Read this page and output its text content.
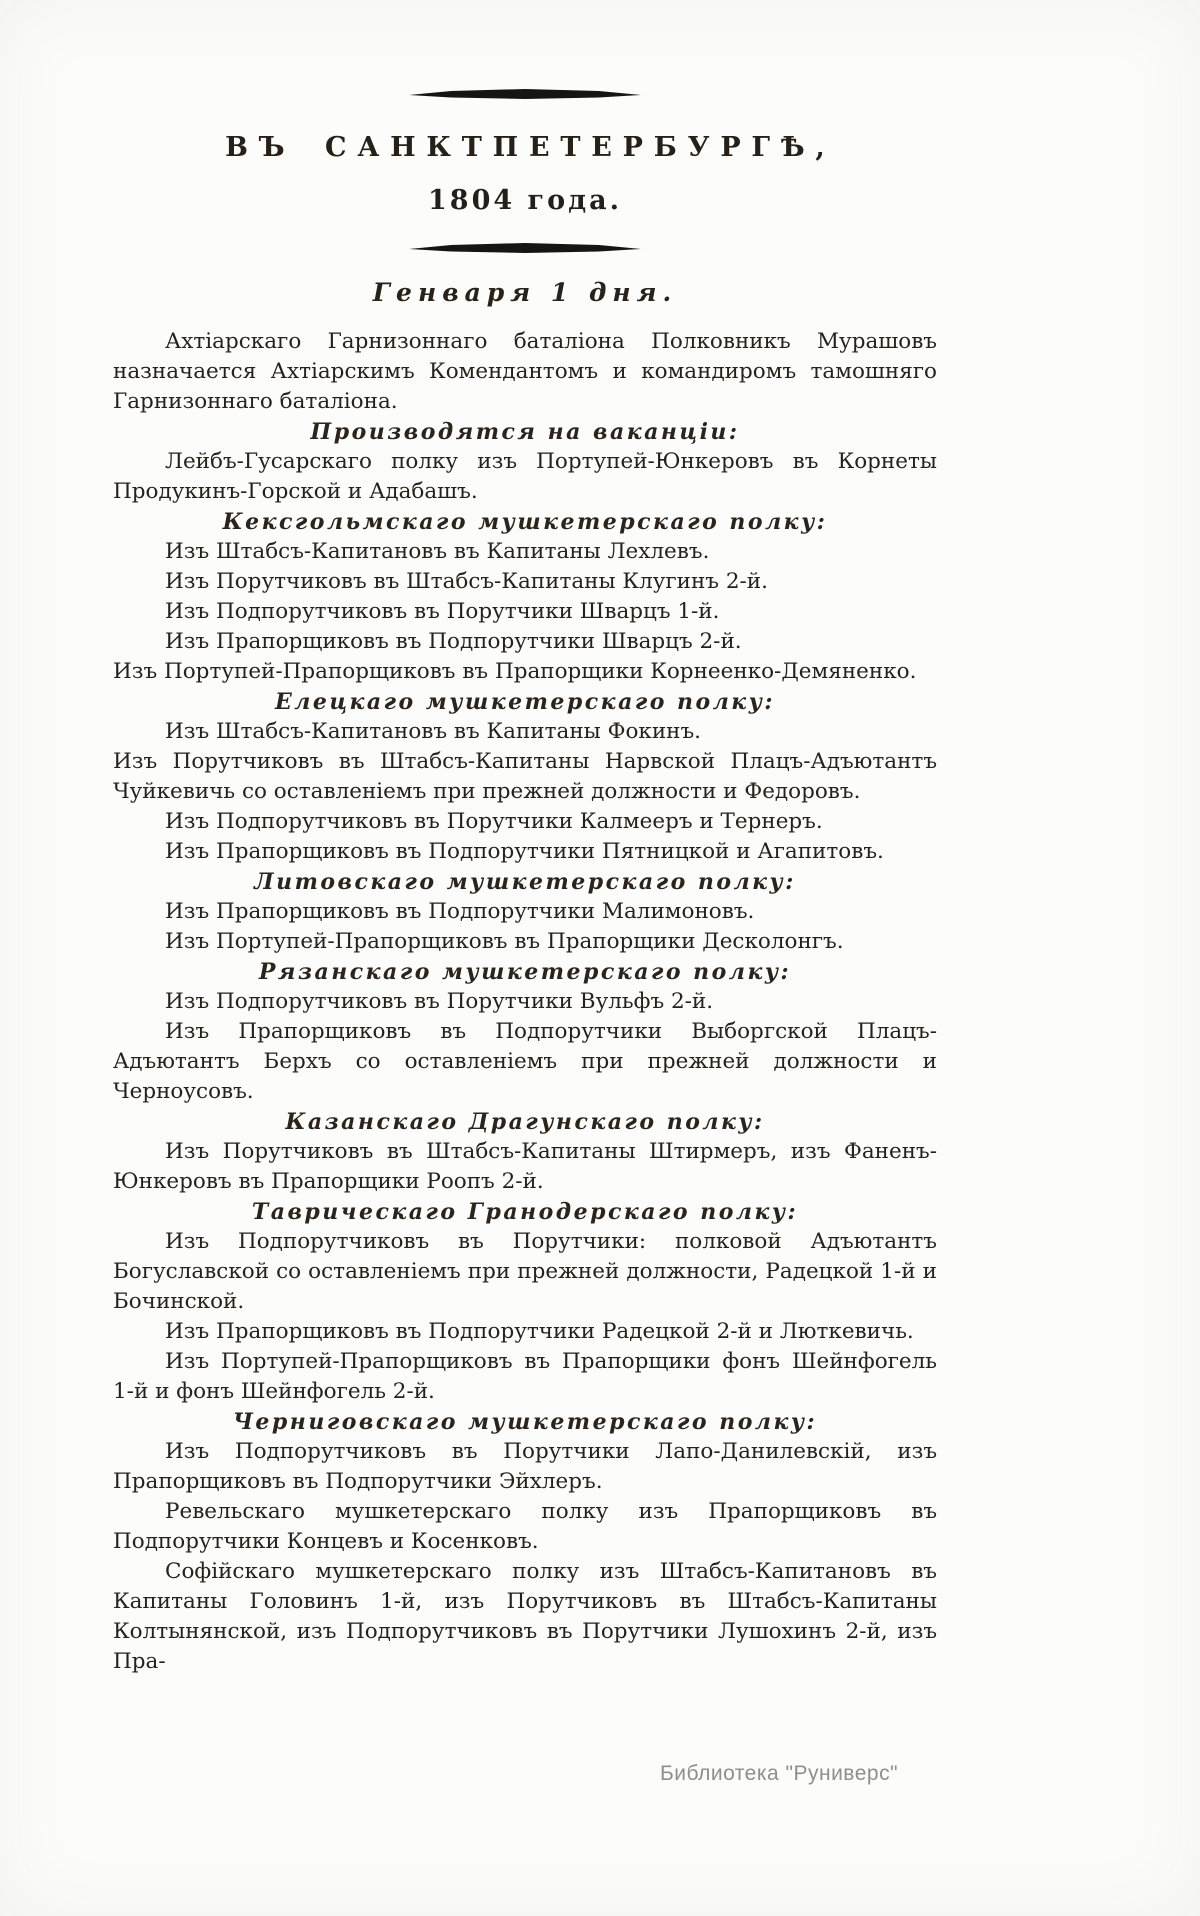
ВЪ САНКТПЕТЕРБУРГѢ,
1804 года.
Генваря 1 дня.

Ахтіарскаго Гарнизоннаго баталіона Полковникъ Мурашовъ назначается Ахтіарскимъ Комендантомъ и командиромъ тамошняго Гарнизоннаго баталіона.

Производятся на ваканціи:

Лейбъ-Гусарскаго полку изъ Портупей-Юнкеровъ въ Корнеты Продукинъ-Горской и Адабашъ.

Кексгольмскаго мушкетерскаго полку:

Изъ Штабсъ-Капитановъ въ Капитаны Лехлевъ.

Изъ Порутчиковъ въ Штабсъ-Капитаны Клугинъ 2-й.

Изъ Подпорутчиковъ въ Порутчики Шварцъ 1-й.

Изъ Прапорщиковъ въ Подпорутчики Шварцъ 2-й.

Изъ Портупей-Прапорщиковъ въ Прапорщики Корнеенко-Демяненко.

Елецкаго мушкетерскаго полку:

Изъ Штабсъ-Капитановъ въ Капитаны Фокинъ.

Изъ Порутчиковъ въ Штабсъ-Капитаны Нарвской Плацъ-Адъютантъ Чуйкевичь со оставленіемъ при прежней должности и Федоровъ.

Изъ Подпорутчиковъ въ Порутчики Калмееръ и Тернеръ.

Изъ Прапорщиковъ въ Подпорутчики Пятницкой и Агапитовъ.

Литовскаго мушкетерскаго полку:

Изъ Прапорщиковъ въ Подпорутчики Малимоновъ.

Изъ Портупей-Прапорщиковъ въ Прапорщики Десколонгъ.

Рязанскаго мушкетерскаго полку:

Изъ Подпорутчиковъ въ Порутчики Вульфъ 2-й.

Изъ Прапорщиковъ въ Подпорутчики Выборгской Плацъ-Адъютантъ Берхъ со оставленіемъ при прежней должности и Черноусовъ.

Казанскаго Драгунскаго полку:

Изъ Порутчиковъ въ Штабсъ-Капитаны Штирмеръ, изъ Фаненъ-Юнкеровъ въ Прапорщики Роопъ 2-й.

Таврическаго Гранодерскаго полку:

Изъ Подпорутчиковъ въ Порутчики: полковой Адъютантъ Богуславской со оставленіемъ при прежней должности, Радецкой 1-й и Бочинской.

Изъ Прапорщиковъ въ Подпорутчики Радецкой 2-й и Люткевичь.

Изъ Портупей-Прапорщиковъ въ Прапорщики фонъ Шейнфогель 1-й и фонъ Шейнфогель 2-й.

Черниговскаго мушкетерскаго полку:

Изъ Подпорутчиковъ въ Порутчики Лапо-Данилевскій, изъ Прапорщиковъ въ Подпорутчики Эйхлеръ.

Ревельскаго мушкетерскаго полку изъ Прапорщиковъ въ Подпорутчики Концевъ и Косенковъ.

Софійскаго мушкетерскаго полку изъ Штабсъ-Капитановъ въ Капитаны Головинъ 1-й, изъ Порутчиковъ въ Штабсъ-Капитаны Колтынянской, изъ Подпорутчиковъ въ Порутчики Лушохинъ 2-й, изъ Пра-

Библиотека "Руниверс"
